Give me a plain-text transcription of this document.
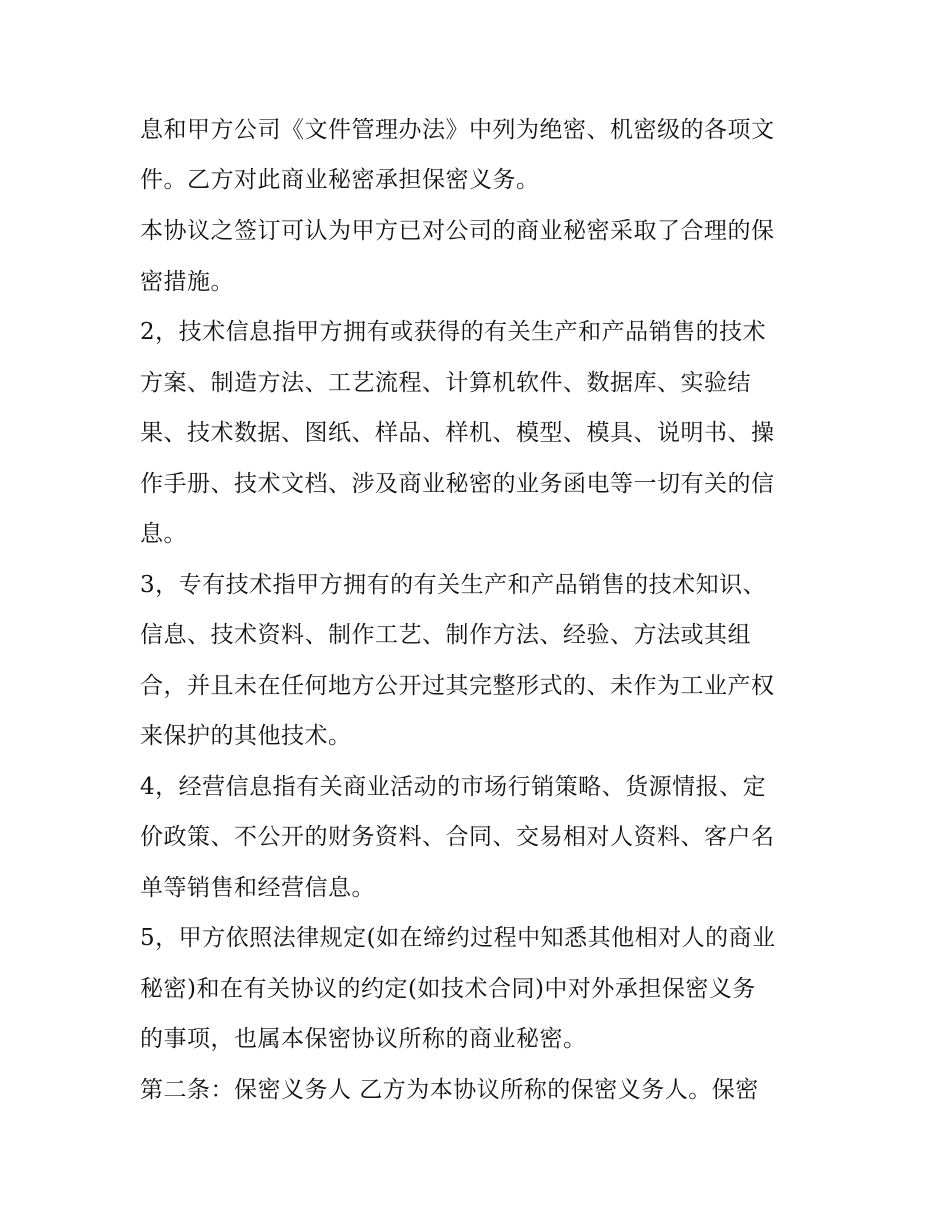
息和甲方公司《文件管理办法》中列为绝密、机密级的各项文

件。乙方对此商业秘密承担保密义务。

本协议之签订可认为甲方已对公司的商业秘密采取了合理的保

密措施。

2，技术信息指甲方拥有或获得的有关生产和产品销售的技术

方案、制造方法、工艺流程、计算机软件、数据库、实验结

果、技术数据、图纸、样品、样机、模型、模具、说明书、操

作手册、技术文档、涉及商业秘密的业务函电等一切有关的信

息。

3，专有技术指甲方拥有的有关生产和产品销售的技术知识、

信息、技术资料、制作工艺、制作方法、经验、方法或其组

合，并且未在任何地方公开过其完整形式的、未作为工业产权

来保护的其他技术。

4，经营信息指有关商业活动的市场行销策略、货源情报、定

价政策、不公开的财务资料、合同、交易相对人资料、客户名

单等销售和经营信息。

5，甲方依照法律规定(如在缔约过程中知悉其他相对人的商业

秘密)和在有关协议的约定(如技术合同)中对外承担保密义务

的事项，也属本保密协议所称的商业秘密。

第二条：保密义务人 乙方为本协议所称的保密义务人。保密
